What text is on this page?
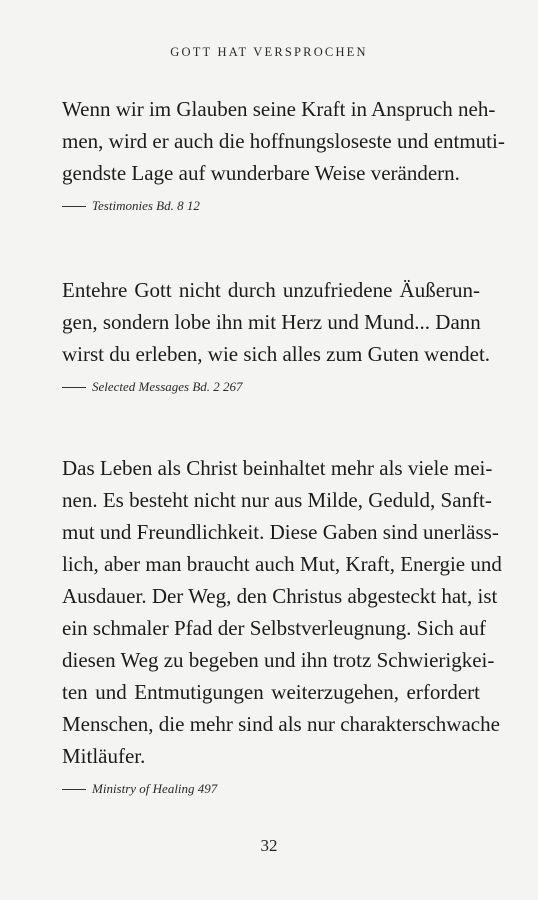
GOTT HAT VERSPROCHEN

Wenn wir im Glauben seine Kraft in Anspruch neh-
men, wird er auch die hoffnungsloseste und entmuti-
gendste Lage auf wunderbare Weise verändern.

Testimonies Bd. 8 12

Entehre Gott nicht durch unzufriedene Äußerun-
gen, sondern lobe ihn mit Herz und Mund... Dann
wirst du erleben, wie sich alles zum Guten wendet.

Selected Messages Bd. 2 267

Das Leben als Christ beinhaltet mehr als viele mei-
nen. Es besteht nicht nur aus Milde, Geduld, Sanft-
mut und Freundlichkeit. Diese Gaben sind unerläss-
lich, aber man braucht auch Mut, Kraft, Energie und
Ausdauer. Der Weg, den Christus abgesteckt hat, ist
ein schmaler Pfad der Selbstverleugnung. Sich auf
diesen Weg zu begeben und ihn trotz Schwierigkei-
ten und Entmutigungen weiterzugehen, erfordert
Menschen, die mehr sind als nur charakterschwache
Mitläufer.

Ministry of Healing 497
32
